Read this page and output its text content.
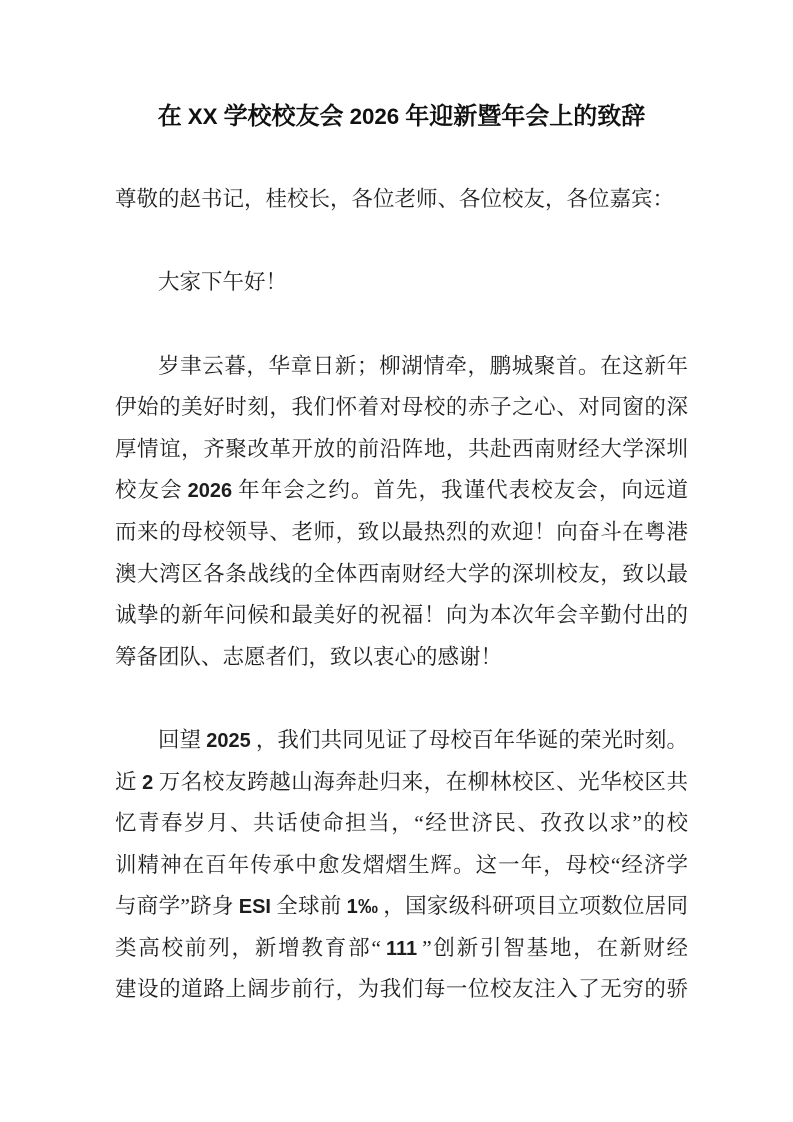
在 XX 学校校友会 2026 年迎新暨年会上的致辞
尊敬的赵书记，桂校长，各位老师、各位校友，各位嘉宾：
大家下午好！
岁聿云暮，华章日新；柳湖情牵，鹏城聚首。在这新年
伊始的美好时刻，我们怀着对母校的赤子之心、对同窗的深
厚情谊，齐聚改革开放的前沿阵地，共赴西南财经大学深圳
校友会 2026 年年会之约。首先，我谨代表校友会，向远道
而来的母校领导、老师，致以最热烈的欢迎！向奋斗在粤港
澳大湾区各条战线的全体西南财经大学的深圳校友，致以最
诚挚的新年问候和最美好的祝福！向为本次年会辛勤付出的
筹备团队、志愿者们，致以衷心的感谢！
回望 2025 ，我们共同见证了母校百年华诞的荣光时刻。
近 2 万名校友跨越山海奔赴归来，在柳林校区、光华校区共
忆青春岁月、共话使命担当，“经世济民、孜孜以求”的校
训精神在百年传承中愈发熠熠生辉。这一年，母校“经济学
与商学”跻身 ESI 全球前 1‰ ，国家级科研项目立项数位居同
类高校前列，新增教育部“ 111 ”创新引智基地，在新财经
建设的道路上阔步前行，为我们每一位校友注入了无穷的骄
